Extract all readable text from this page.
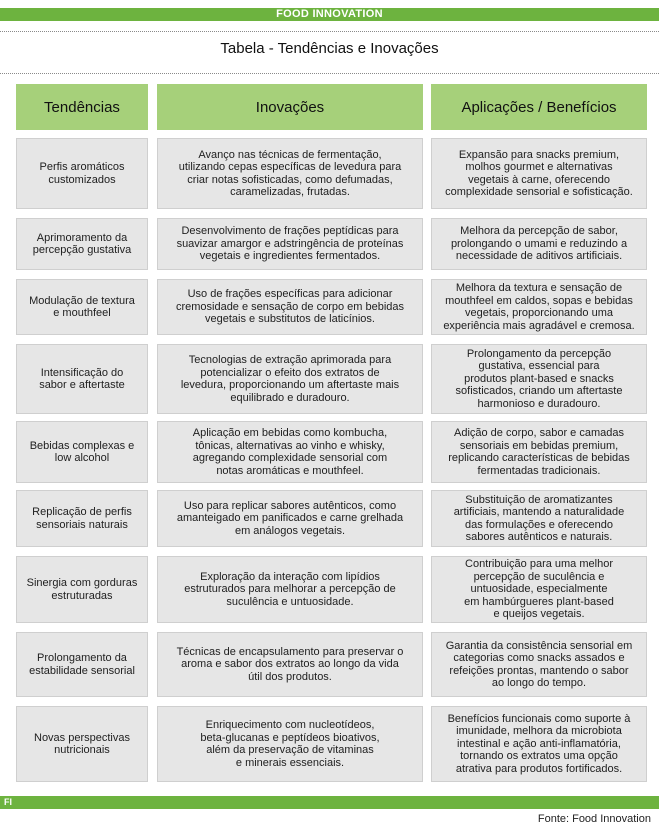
FOOD INNOVATION
Tabela - Tendências e Inovações
Tendências	Inovações	Aplicações / Benefícios
Perfis aromáticos
customizados
Avanço nas técnicas de fermentação,
utilizando cepas específicas de levedura para
criar notas sofisticadas, como defumadas,
caramelizadas, frutadas.
Expansão para snacks premium,
molhos gourmet e alternativas
vegetais à carne, oferecendo
complexidade sensorial e sofisticação.
Aprimoramento da
percepção gustativa
Desenvolvimento de frações peptídicas para
suavizar amargor e adstringência de proteínas
vegetais e ingredientes fermentados.
Melhora da percepção de sabor,
prolongando o umami e reduzindo a
necessidade de aditivos artificiais.
Modulação de textura
e mouthfeel
Uso de frações específicas para adicionar
cremosidade e sensação de corpo em bebidas
vegetais e substitutos de laticínios.
Melhora da textura e sensação de
mouthfeel em caldos, sopas e bebidas
vegetais, proporcionando uma
experiência mais agradável e cremosa.
Intensificação do
sabor e aftertaste
Tecnologias de extração aprimorada para
potencializar o efeito dos extratos de
levedura, proporcionando um aftertaste mais
equilibrado e duradouro.
Prolongamento da percepção
gustativa, essencial para
produtos plant-based e snacks
sofisticados, criando um aftertaste
harmonioso e duradouro.
Bebidas complexas e
low alcohol
Aplicação em bebidas como kombucha,
tônicas, alternativas ao vinho e whisky,
agregando complexidade sensorial com
notas aromáticas e mouthfeel.
Adição de corpo, sabor e camadas
sensoriais em bebidas premium,
replicando características de bebidas
fermentadas tradicionais.
Replicação de perfis
sensoriais naturais
Uso para replicar sabores autênticos, como
amanteigado em panificados e carne grelhada
em análogos vegetais.
Substituição de aromatizantes
artificiais, mantendo a naturalidade
das formulações e oferecendo
sabores autênticos e naturais.
Sinergia com gorduras
estruturadas
Exploração da interação com lipídios
estruturados para melhorar a percepção de
suculência e untuosidade.
Contribuição para uma melhor
percepção de suculência e
untuosidade, especialmente
em hambúrgueres plant-based
e queijos vegetais.
Prolongamento da
estabilidade sensorial
Técnicas de encapsulamento para preservar o
aroma e sabor dos extratos ao longo da vida
útil dos produtos.
Garantia da consistência sensorial em
categorias como snacks assados e
refeições prontas, mantendo o sabor
ao longo do tempo.
Novas perspectivas
nutricionais
Enriquecimento com nucleotídeos,
beta-glucanas e peptídeos bioativos,
além da preservação de vitaminas
e minerais essenciais.
Benefícios funcionais como suporte à
imunidade, melhora da microbiota
intestinal e ação anti-inflamatória,
tornando os extratos uma opção
atrativa para produtos fortificados.
FI
Fonte: Food Innovation
